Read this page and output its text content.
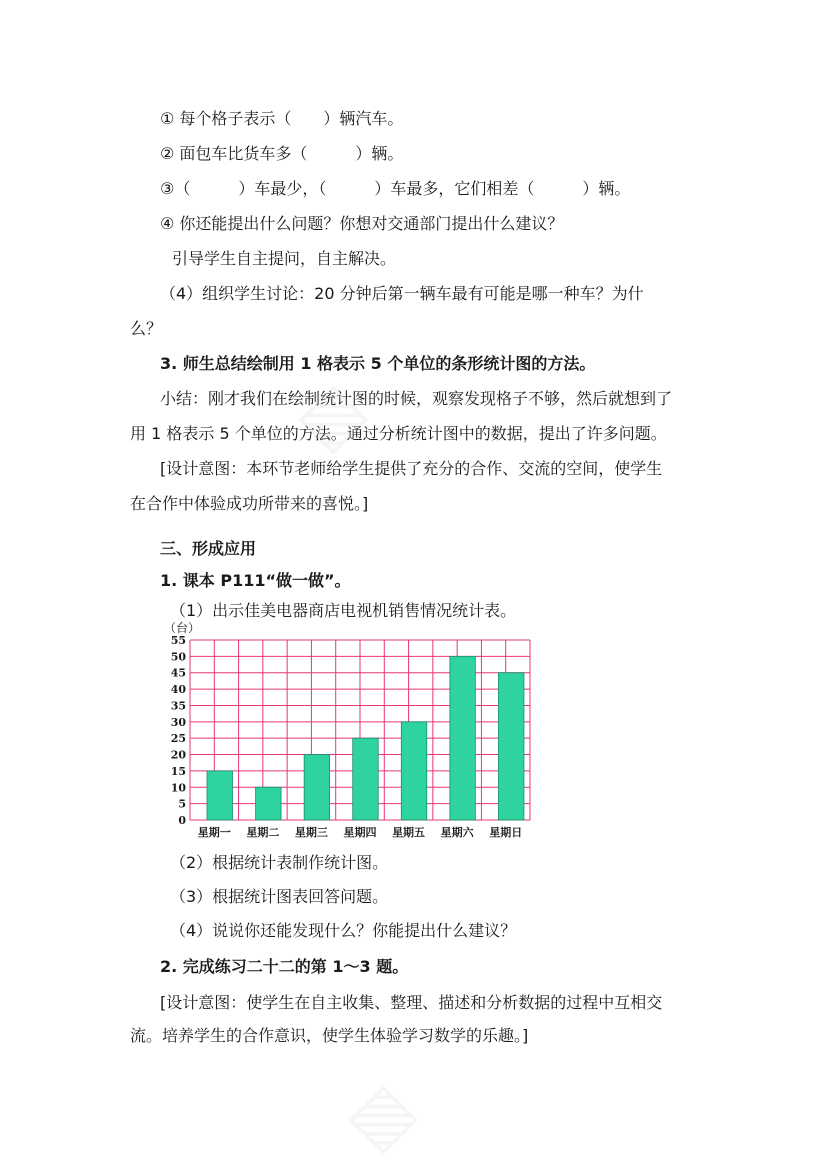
① 每个格子表示（　　）辆汽车。
② 面包车比货车多（　　　）辆。
③（　　　）车最少，（　　　）车最多，它们相差（　　　）辆。
④ 你还能提出什么问题？你想对交通部门提出什么建议？
引导学生自主提问，自主解决。
（4）组织学生讨论：20 分钟后第一辆车最有可能是哪一种车？为什
么？
3. 师生总结绘制用 1 格表示 5 个单位的条形统计图的方法。
小结：刚才我们在绘制统计图的时候，观察发现格子不够，然后就想到了
用 1 格表示 5 个单位的方法。通过分析统计图中的数据，提出了许多问题。
[设计意图：本环节老师给学生提供了充分的合作、交流的空间，使学生
在合作中体验成功所带来的喜悦。]
三、形成应用
1. 课本 P111“做一做”。
（1）出示佳美电器商店电视机销售情况统计表。
0
5
10
15
20
25
30
35
40
45
50
55
（台）
星期一 星期二 星期三 星期四 星期五 星期六 星期日
（2）根据统计表制作统计图。
（3）根据统计图表回答问题。
（4）说说你还能发现什么？你能提出什么建议？
2. 完成练习二十二的第 1～3 题。
[设计意图：使学生在自主收集、整理、描述和分析数据的过程中互相交
流。培养学生的合作意识，使学生体验学习数学的乐趣。]
▧
▧
